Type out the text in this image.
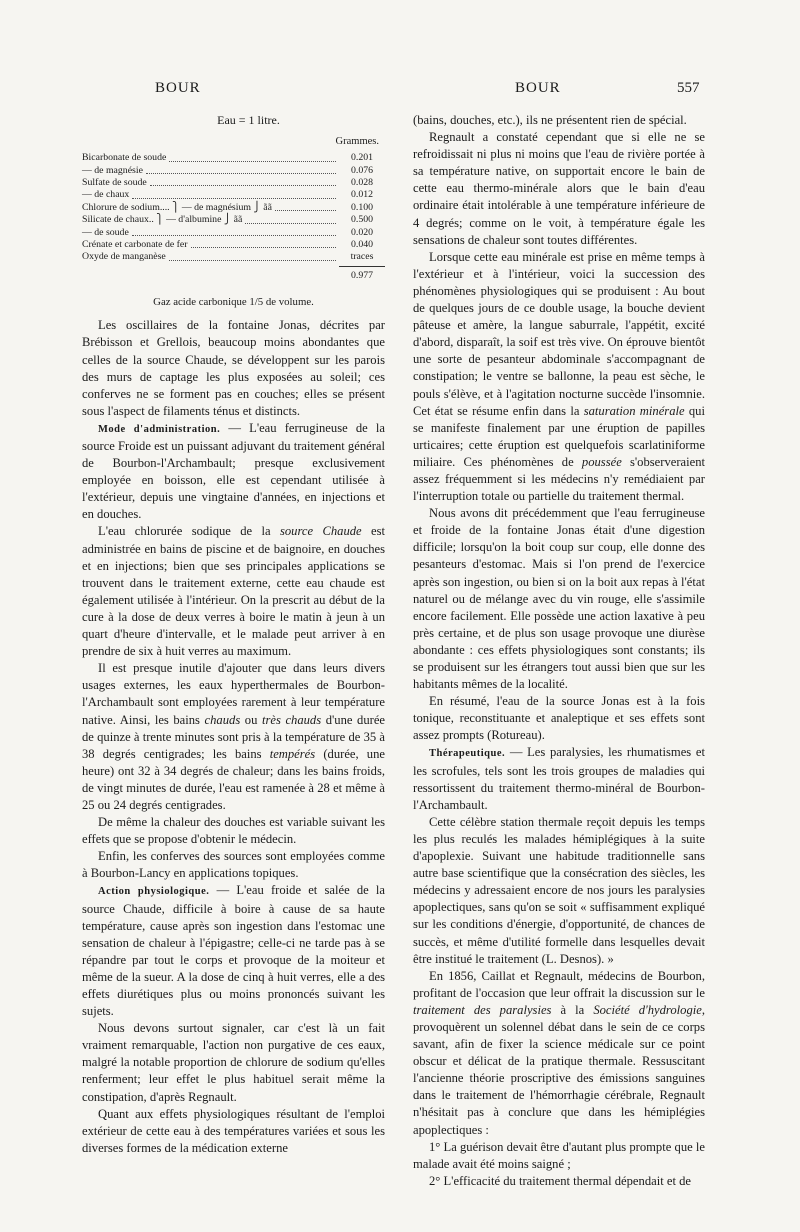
BOUR	BOUR	557
Eau = 1 litre.
Grammes.
Bicarbonate de soude	0.201
— de magnésie	0.076
Sulfate de soude	0.028
— de chaux	0.012
Chlorure de sodium.... ⎫ — de magnésium ⎭ ãã	0.100
Silicate de chaux.. ⎫ — d'albumine ⎭ ãã	0.500
— de soude	0.020
Crénate et carbonate de fer	0.040
Oxyde de manganèse	traces
0.977
Gaz acide carbonique 1/5 de volume.

Les oscillaires de la fontaine Jonas, décrites par Brébisson et Grellois, beaucoup moins abondantes que celles de la source Chaude, se développent sur les parois des murs de captage les plus exposées au soleil; ces conferves ne se forment pas en couches; elles se présent sous l'aspect de filaments ténus et distincts.

Mode d'administration. — L'eau ferrugineuse de la source Froide est un puissant adjuvant du traitement général de Bourbon-l'Archambault; presque exclusivement employée en boisson, elle est cependant utilisée à l'extérieur, depuis une vingtaine d'années, en injections et en douches.

L'eau chlorurée sodique de la source Chaude est administrée en bains de piscine et de baignoire, en douches et en injections; bien que ses principales applications se trouvent dans le traitement externe, cette eau chaude est également utilisée à l'intérieur. On la prescrit au début de la cure à la dose de deux verres à boire le matin à jeun à un quart d'heure d'intervalle, et le malade peut arriver à en prendre de six à huit verres au maximum.

Il est presque inutile d'ajouter que dans leurs divers usages externes, les eaux hyperthermales de Bourbon-l'Archambault sont employées rarement à leur température native. Ainsi, les bains chauds ou très chauds d'une durée de quinze à trente minutes sont pris à la température de 35 à 38 degrés centigrades; les bains tempérés (durée, une heure) ont 32 à 34 degrés de chaleur; dans les bains froids, de vingt minutes de durée, l'eau est ramenée à 28 et même à 25 ou 24 degrés centigrades.

De même la chaleur des douches est variable suivant les effets que se propose d'obtenir le médecin.

Enfin, les conferves des sources sont employées comme à Bourbon-Lancy en applications topiques.

Action physiologique. — L'eau froide et salée de la source Chaude, difficile à boire à cause de sa haute température, cause après son ingestion dans l'estomac une sensation de chaleur à l'épigastre; celle-ci ne tarde pas à se répandre par tout le corps et provoque de la moiteur et même de la sueur. A la dose de cinq à huit verres, elle a des effets diurétiques plus ou moins prononcés suivant les sujets.

Nous devons surtout signaler, car c'est là un fait vraiment remarquable, l'action non purgative de ces eaux, malgré la notable proportion de chlorure de sodium qu'elles renferment; leur effet le plus habituel serait même la constipation, d'après Regnault.

Quant aux effets physiologiques résultant de l'emploi extérieur de cette eau à des températures variées et sous les diverses formes de la médication externe

(bains, douches, etc.), ils ne présentent rien de spécial.

Regnault a constaté cependant que si elle ne se refroidissait ni plus ni moins que l'eau de rivière portée à sa température native, on supportait encore le bain de cette eau thermo-minérale alors que le bain d'eau ordinaire était intolérable à une température inférieure de 4 degrés; comme on le voit, à température égale les sensations de chaleur sont toutes différentes.

Lorsque cette eau minérale est prise en même temps à l'extérieur et à l'intérieur, voici la succession des phénomènes physiologiques qui se produisent : Au bout de quelques jours de ce double usage, la bouche devient pâteuse et amère, la langue saburrale, l'appétit, excité d'abord, disparaît, la soif est très vive. On éprouve bientôt une sorte de pesanteur abdominale s'accompagnant de constipation; le ventre se ballonne, la peau est sèche, le pouls s'élève, et à l'agitation nocturne succède l'insomnie. Cet état se résume enfin dans la saturation minérale qui se manifeste finalement par une éruption de papilles urticaires; cette éruption est quelquefois scarlatiniforme miliaire. Ces phénomènes de poussée s'observeraient assez fréquemment si les médecins n'y remédiaient par l'interruption totale ou partielle du traitement thermal.

Nous avons dit précédemment que l'eau ferrugineuse et froide de la fontaine Jonas était d'une digestion difficile; lorsqu'on la boit coup sur coup, elle donne des pesanteurs d'estomac. Mais si l'on prend de l'exercice après son ingestion, ou bien si on la boit aux repas à l'état naturel ou de mélange avec du vin rouge, elle s'assimile encore facilement. Elle possède une action laxative à peu près certaine, et de plus son usage provoque une diurèse abondante : ces effets physiologiques sont constants; ils se produisent sur les étrangers tout aussi bien que sur les habitants mêmes de la localité.

En résumé, l'eau de la source Jonas est à la fois tonique, reconstituante et analeptique et ses effets sont assez prompts (Rotureau).

Thérapeutique. — Les paralysies, les rhumatismes et les scrofules, tels sont les trois groupes de maladies qui ressortissent du traitement thermo-minéral de Bourbon-l'Archambault.

Cette célèbre station thermale reçoit depuis les temps les plus reculés les malades hémiplégiques à la suite d'apoplexie. Suivant une habitude traditionnelle sans autre base scientifique que la consécration des siècles, les médecins y adressaient encore de nos jours les paralysies apoplectiques, sans qu'on se soit « suffisamment expliqué sur les conditions d'énergie, d'opportunité, de chances de succès, et même d'utilité formelle dans lesquelles devait être institué le traitement (L. Desnos). »

En 1856, Caillat et Regnault, médecins de Bourbon, profitant de l'occasion que leur offrait la discussion sur le traitement des paralysies à la Société d'hydrologie, provoquèrent un solennel débat dans le sein de ce corps savant, afin de fixer la science médicale sur ce point obscur et délicat de la pratique thermale. Ressuscitant l'ancienne théorie proscriptive des émissions sanguines dans le traitement de l'hémorrhagie cérébrale, Regnault n'hésitait pas à conclure que dans les hémiplégies apoplectiques :

1° La guérison devait être d'autant plus prompte que le malade avait été moins saigné ;

2° L'efficacité du traitement thermal dépendait et de
